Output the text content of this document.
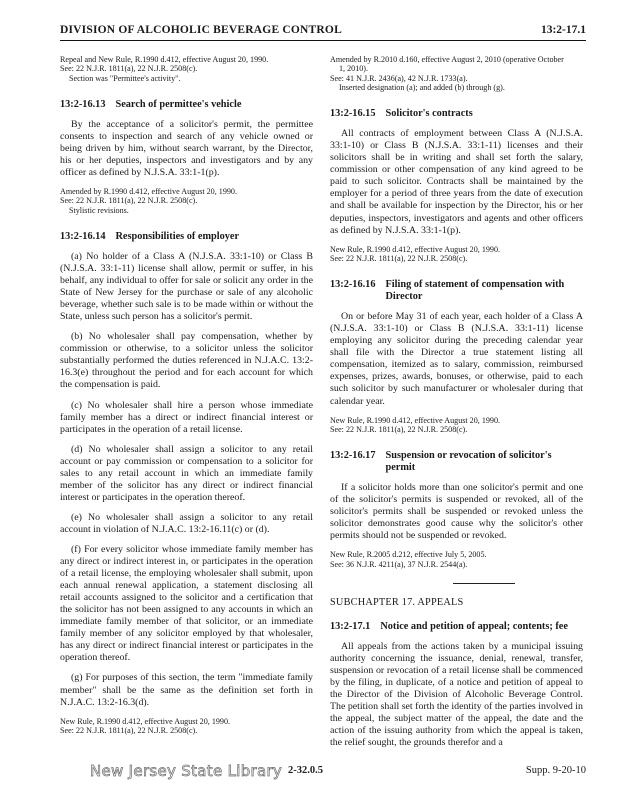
DIVISION OF ALCOHOLIC BEVERAGE CONTROL	13:2-17.1

Repeal and New Rule, R.1990 d.412, effective August 20, 1990.
See: 22 N.J.R. 1811(a), 22 N.J.R. 2508(c).
Section was "Permittee's activity".

13:2-16.13 Search of permittee's vehicle

By the acceptance of a solicitor's permit, the permittee consents to inspection and search of any vehicle owned or being driven by him, without search warrant, by the Director, his or her deputies, inspectors and investigators and by any officer as defined by N.J.S.A. 33:1-1(p).

Amended by R.1990 d.412, effective August 20, 1990.
See: 22 N.J.R. 1811(a), 22 N.J.R. 2508(c).
Stylistic revisions.

13:2-16.14 Responsibilities of employer

(a) No holder of a Class A (N.J.S.A. 33:1-10) or Class B (N.J.S.A. 33:1-11) license shall allow, permit or suffer, in his behalf, any individual to offer for sale or solicit any order in the State of New Jersey for the purchase or sale of any alcoholic beverage, whether such sale is to be made within or without the State, unless such person has a solicitor's permit.

(b) No wholesaler shall pay compensation, whether by commission or otherwise, to a solicitor unless the solicitor substantially performed the duties referenced in N.J.A.C. 13:2-16.3(e) throughout the period and for each account for which the compensation is paid.

(c) No wholesaler shall hire a person whose immediate family member has a direct or indirect financial interest or participates in the operation of a retail license.

(d) No wholesaler shall assign a solicitor to any retail account or pay commission or compensation to a solicitor for sales to any retail account in which an immediate family member of the solicitor has any direct or indirect financial interest or participates in the operation thereof.

(e) No wholesaler shall assign a solicitor to any retail account in violation of N.J.A.C. 13:2-16.11(c) or (d).

(f) For every solicitor whose immediate family member has any direct or indirect interest in, or participates in the operation of a retail license, the employing wholesaler shall submit, upon each annual renewal application, a statement disclosing all retail accounts assigned to the solicitor and a certification that the solicitor has not been assigned to any accounts in which an immediate family member of that solicitor, or an immediate family member of any solicitor employed by that wholesaler, has any direct or indirect financial interest or participates in the operation thereof.

(g) For purposes of this section, the term "immediate family member" shall be the same as the definition set forth in N.J.A.C. 13:2-16.3(d).

New Rule, R.1990 d.412, effective August 20, 1990.
See: 22 N.J.R. 1811(a), 22 N.J.R. 2508(c).

Amended by R.2010 d.160, effective August 2, 2010 (operative October
1, 2010).
See: 41 N.J.R. 2436(a), 42 N.J.R. 1733(a).
Inserted designation (a); and added (b) through (g).

13:2-16.15 Solicitor's contracts

All contracts of employment between Class A (N.J.S.A. 33:1-10) or Class B (N.J.S.A. 33:1-11) licenses and their solicitors shall be in writing and shall set forth the salary, commission or other compensation of any kind agreed to be paid to such solicitor. Contracts shall be maintained by the employer for a period of three years from the date of execution and shall be available for inspection by the Director, his or her deputies, inspectors, investigators and agents and other officers as defined by N.J.S.A. 33:1-1(p).

New Rule, R.1990 d.412, effective August 20, 1990.
See: 22 N.J.R. 1811(a), 22 N.J.R. 2508(c).

13:2-16.16 Filing of statement of compensation with Director

On or before May 31 of each year, each holder of a Class A (N.J.S.A. 33:1-10) or Class B (N.J.S.A. 33:1-11) license employing any solicitor during the preceding calendar year shall file with the Director a true statement listing all compensation, itemized as to salary, commission, reimbursed expenses, prizes, awards, bonuses, or otherwise, paid to each such solicitor by such manufacturer or wholesaler during that calendar year.

New Rule, R.1990 d.412, effective August 20, 1990.
See: 22 N.J.R. 1811(a), 22 N.J.R. 2508(c).

13:2-16.17 Suspension or revocation of solicitor's permit

If a solicitor holds more than one solicitor's permit and one of the solicitor's permits is suspended or revoked, all of the solicitor's permits shall be suspended or revoked unless the solicitor demonstrates good cause why the solicitor's other permits should not be suspended or revoked.

New Rule, R.2005 d.212, effective July 5, 2005.
See: 36 N.J.R. 4211(a), 37 N.J.R. 2544(a).

SUBCHAPTER 17. APPEALS
13:2-17.1 Notice and petition of appeal; contents; fee

All appeals from the actions taken by a municipal issuing authority concerning the issuance, denial, renewal, transfer, suspension or revocation of a retail license shall be commenced by the filing, in duplicate, of a notice and petition of appeal to the Director of the Division of Alcoholic Beverage Control. The petition shall set forth the identity of the parties involved in the appeal, the subject matter of the appeal, the date and the action of the issuing authority from which the appeal is taken, the relief sought, the grounds therefor and a

New Jersey State Library 2-32.0.5	Supp. 9-20-10
